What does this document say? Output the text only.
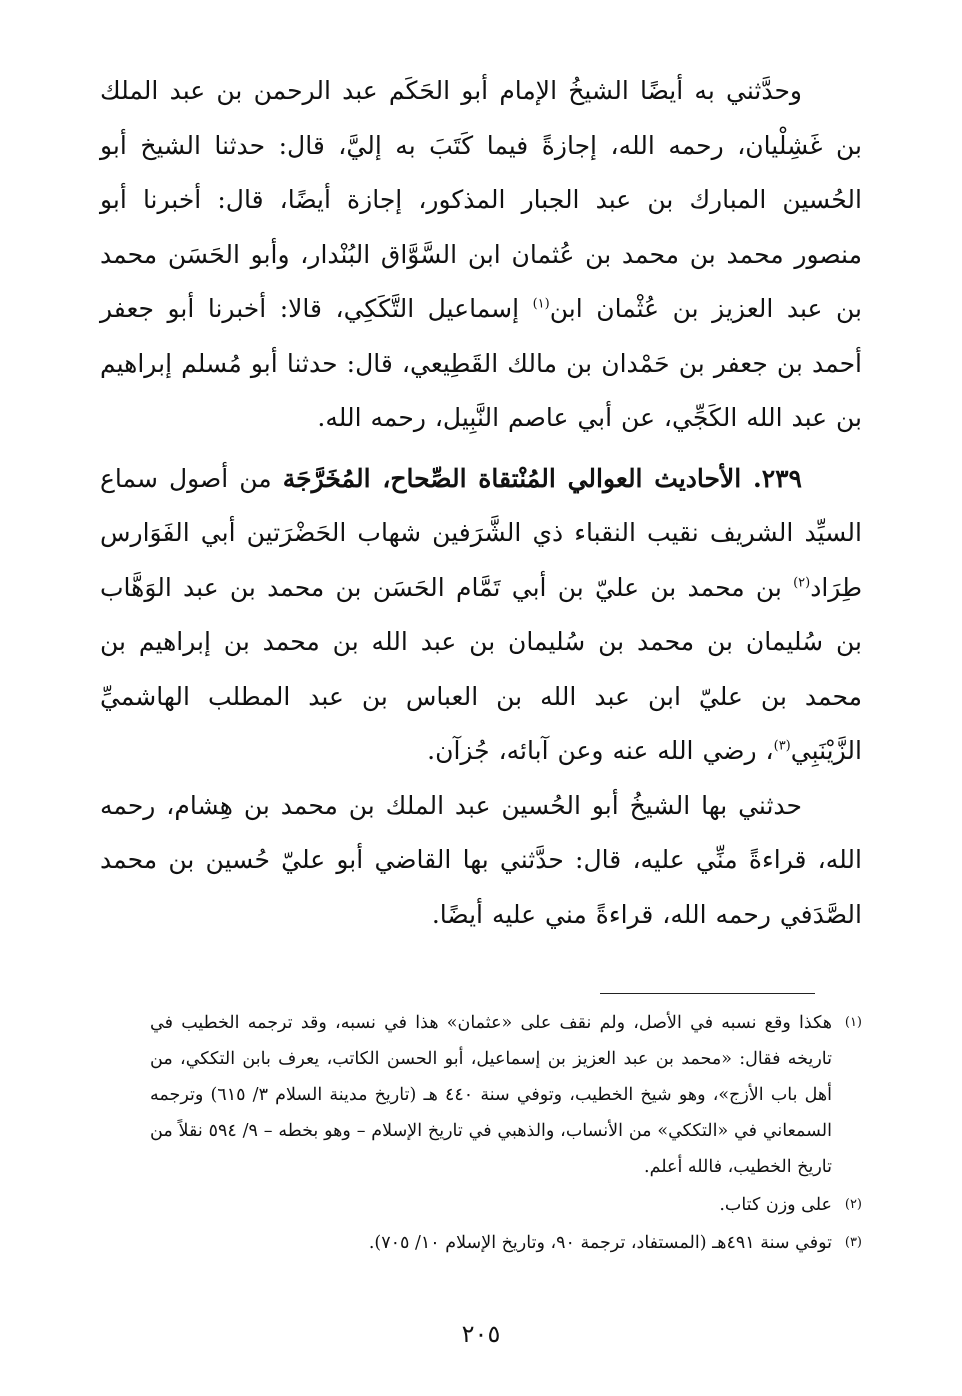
وحدَّثني به أيضًا الشيخُ الإمام أبو الحَكَم عبد الرحمن بن عبد الملك بن غَشِلْيان، رحمه الله، إجازةً فيما كَتَبَ به إليَّ، قال: حدثنا الشيخ أبو الحُسين المبارك بن عبد الجبار المذكور، إجازة أيضًا، قال: أخبرنا أبو منصور محمد بن محمد بن عُثمان ابن السَّوَّاق البُنْدار، وأبو الحَسَن محمد بن عبد العزيز بن عُثْمان ابن$^{(١)}$ إسماعيل التَّكَكِي، قالا: أخبرنا أبو جعفر أحمد بن جعفر بن حَمْدان بن مالك القَطِيعي، قال: حدثنا أبو مُسلم إبراهيم بن عبد الله الكَجِّي، عن أبي عاصم النَّبِيل، رحمه الله.

٢٣٩. الأحاديث العوالي المُنْتقاة الصِّحاح، المُخَرَّجَة من أصول سماع السيِّد الشريف نقيب النقباء ذي الشَّرَفين شهاب الحَضْرَتين أبي الفَوَارس طِرَاد$^{(٢)}$ بن محمد بن عليّ بن أبي تَمَّام الحَسَن بن محمد بن عبد الوَهَّاب بن سُليمان بن محمد بن سُليمان بن عبد الله بن محمد بن إبراهيم بن محمد بن عليّ ابن عبد الله بن العباس بن عبد المطلب الهاشميِّ الزَّيْنَبِي$^{(٣)}$، رضي الله عنه وعن آبائه، جُزآن.

حدثني بها الشيخُ أبو الحُسين عبد الملك بن محمد بن هِشام، رحمه الله، قراءةً منِّي عليه، قال: حدَّثني بها القاضي أبو عليّ حُسين بن محمد الصَّدَفي رحمه الله، قراءةً مني عليه أيضًا.

(١)
هكذا وقع نسبه في الأصل، ولم نقف على «عثمان» هذا في نسبه، وقد ترجمه الخطيب في تاريخه فقال: «محمد بن عبد العزيز بن إسماعيل، أبو الحسن الكاتب، يعرف بابن التككي، من أهل باب الأزج»، وهو شيخ الخطيب، وتوفي سنة ٤٤٠ هـ (تاريخ مدينة السلام ٣/ ٦١٥) وترجمه السمعاني في «التككي» من الأنساب، والذهبي في تاريخ الإسلام – وهو بخطه – ٩/ ٥٩٤ نقلاً من تاريخ الخطيب، فالله أعلم.

(٢)
على وزن كتاب.

(٣)
توفي سنة ٤٩١هـ (المستفاد، ترجمة ٩٠، وتاريخ الإسلام ١٠/ ٧٠٥).

٢٠٥
